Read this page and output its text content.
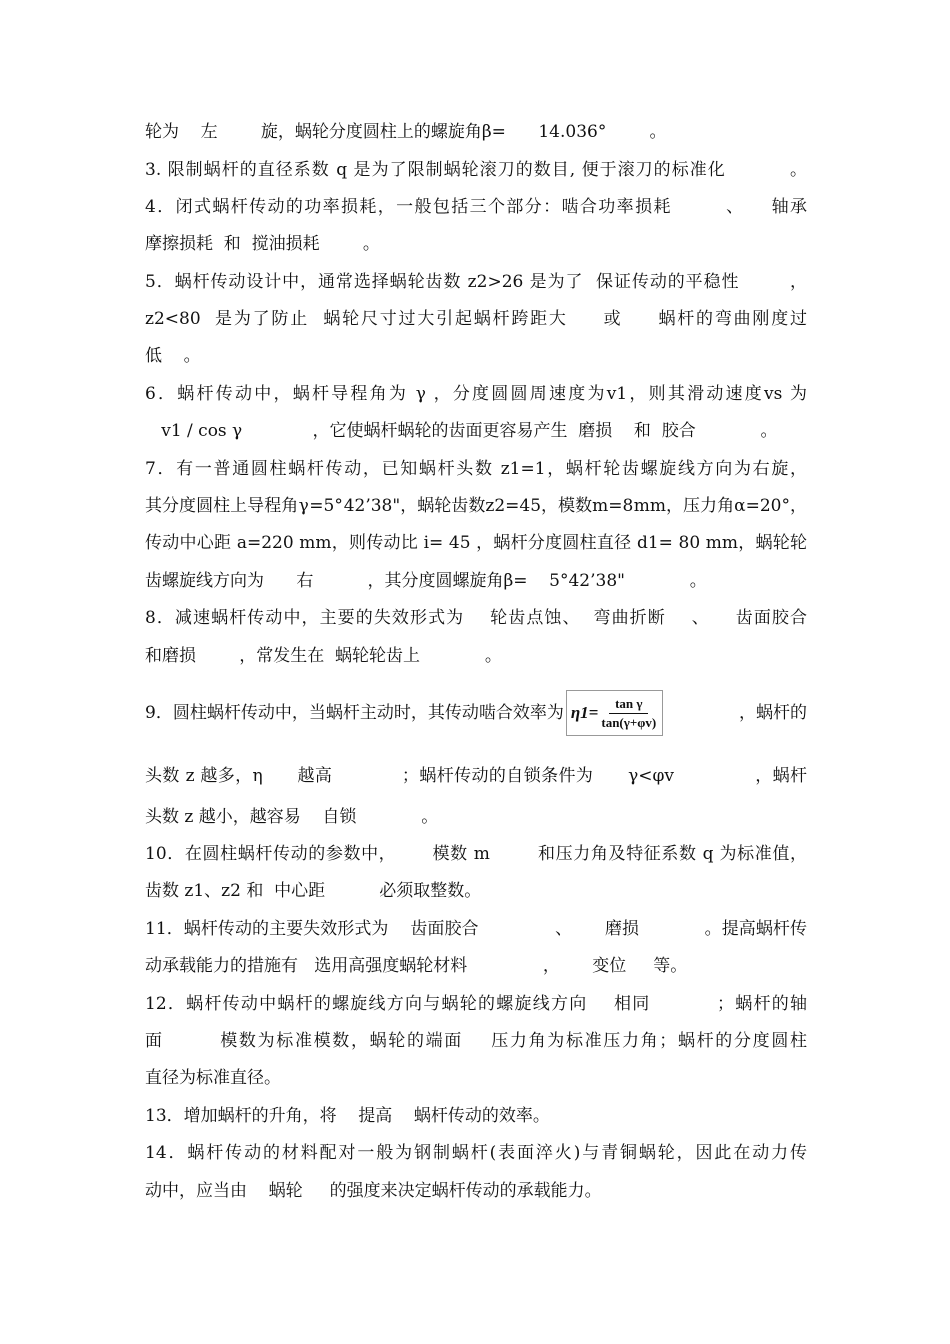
轮为    左        旋，蜗轮分度圆柱上的螺旋角β=      14.036°        。
3. 限制蜗杆的直径系数 q 是为了限制蜗轮滚刀的数目, 便于滚刀的标准化          。
4．闭式蜗杆传动的功率损耗，一般包括三个部分：啮合功率损耗        、    轴承
摩擦损耗  和  搅油损耗        。
5．蜗杆传动设计中，通常选择蜗轮齿数 z2>26 是为了  保证传动的平稳性        ，
z2<80  是为了防止  蜗轮尺寸过大引起蜗杆跨距大     或     蜗杆的弯曲刚度过
低    。
6．蜗杆传动中，蜗杆导程角为 γ ，分度圆圆周速度为v1，则其滑动速度vs 为
v1 / cos γ             ，它使蜗杆蜗轮的齿面更容易产生  磨损    和  胶合            。
7．有一普通圆柱蜗杆传动，已知蜗杆头数 z1=1，蜗杆轮齿螺旋线方向为右旋，
其分度圆柱上导程角 γ =5°  42’38"，蜗轮齿数z2=45，模数m=8 mm，压力角α=20°，
传动中心距 a=220 mm，则传动比 i= 45 ，蜗杆分度圆柱直径 d1= 80 mm，蜗轮轮
齿螺旋线方向为      右          ，其分度圆螺旋角β=    5°42’38"            。
8．减速蜗杆传动中，主要的失效形式为    轮齿点蚀、  弯曲折断    、    齿面胶合
和磨损        ，常发生在  蜗轮轮齿上            。
9．圆柱蜗杆传动中，当蜗杆主动时，其传动啮合效率为 $\eta 1= \frac{\text{tan γ}}{\tan(\gamma+\varphi v)}$	，蜗杆的
头数 z 越多，η      越高            ；蜗杆传动的自锁条件为      γ<φv              ，蜗杆
头数 z 越小，越容易    自锁            。
10．在圆柱蜗杆传动的参数中，      模数 m        和压力角及特征系数 q 为标准值，
齿数 z1、z2 和  中心距          必须取整数。
11．蜗杆传动的主要失效形式为    齿面胶合              、      磨损            。提高蜗杆传
动承载能力的措施有   选用高强度蜗轮材料              ，      变位     等。
12．蜗杆传动中蜗杆的螺旋线方向与蜗轮的螺旋线方向    相同          ；蜗杆的轴
面        模数为标准模数，蜗轮的端面    压力角为标准压力角；蜗杆的分度圆柱
直径为标准直径。
13．增加蜗杆的升角，将    提高    蜗杆传动的效率。
14．蜗杆传动的材料配对一般为钢制蜗杆(表面淬火)与青铜蜗轮，因此在动力传
动中，应当由    蜗轮     的强度来决定蜗杆传动的承载能力。
